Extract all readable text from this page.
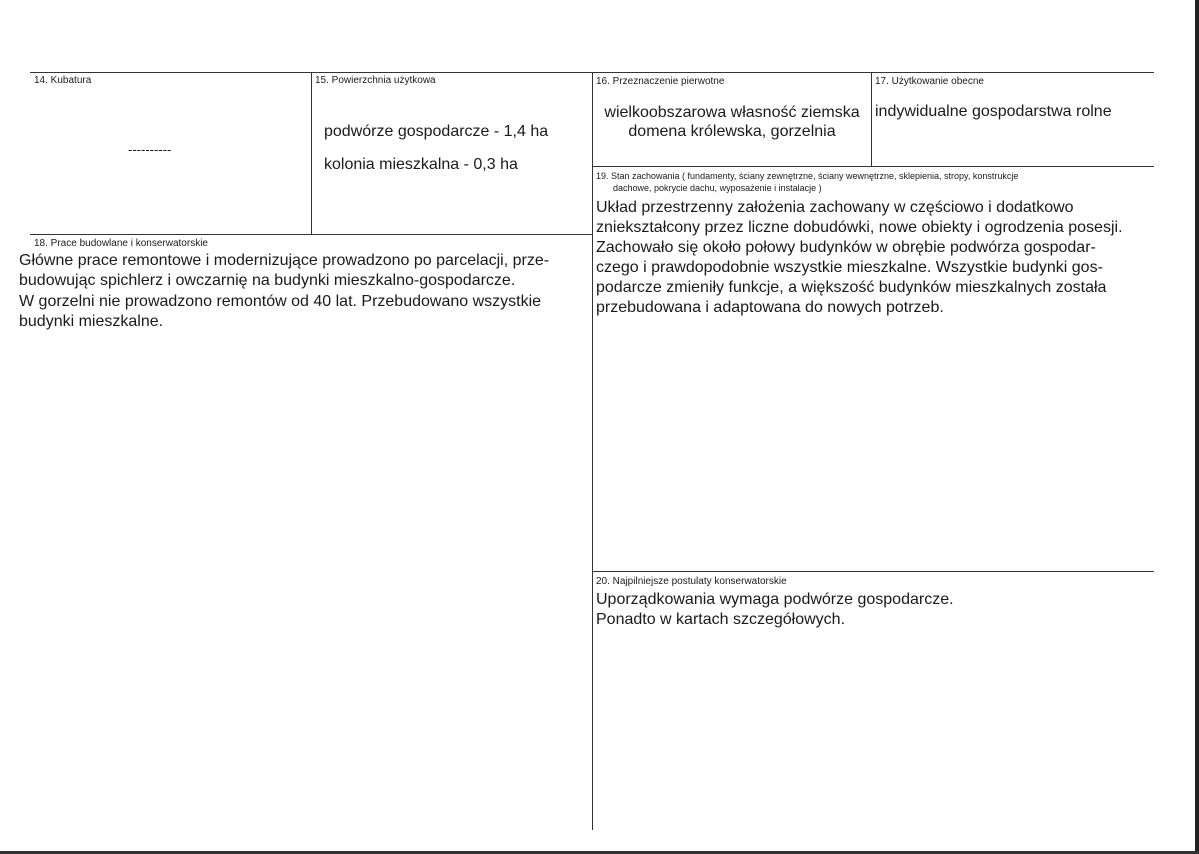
14. Kubatura
----------
15. Powierzchnia użytkowa
podwórze gospodarcze - 1,4 ha
kolonia mieszkalna - 0,3 ha
16. Przeznaczenie pierwotne
wielkoobszarowa własność ziemska
domena królewska, gorzelnia
17. Użytkowanie obecne
indywidualne gospodarstwa rolne
19. Stan zachowania ( fundamenty, ściany zewnętrzne, ściany wewnętrzne, sklepienia, stropy, konstrukcje
dachowe, pokrycie dachu, wyposażenie i instalacje )
Układ przestrzenny założenia zachowany w częściowo i dodatkowo
zniekształcony przez liczne dobudówki, nowe obiekty i ogrodzenia posesji.
Zachowało się około połowy budynków w obrębie podwórza gospodar-
czego i prawdopodobnie wszystkie mieszkalne. Wszystkie budynki gos-
podarcze zmieniły funkcje, a większość budynków mieszkalnych została
przebudowana i adaptowana do nowych potrzeb.
18. Prace budowlane i konserwatorskie
Główne prace remontowe i modernizujące prowadzono po parcelacji, prze-
budowując spichlerz i owczarnię na budynki mieszkalno-gospodarcze.
W gorzelni nie prowadzono remontów od 40 lat. Przebudowano wszystkie
budynki mieszkalne.
20. Najpilniejsze postulaty konserwatorskie
Uporządkowania wymaga podwórze gospodarcze.
Ponadto w kartach szczegółowych.
